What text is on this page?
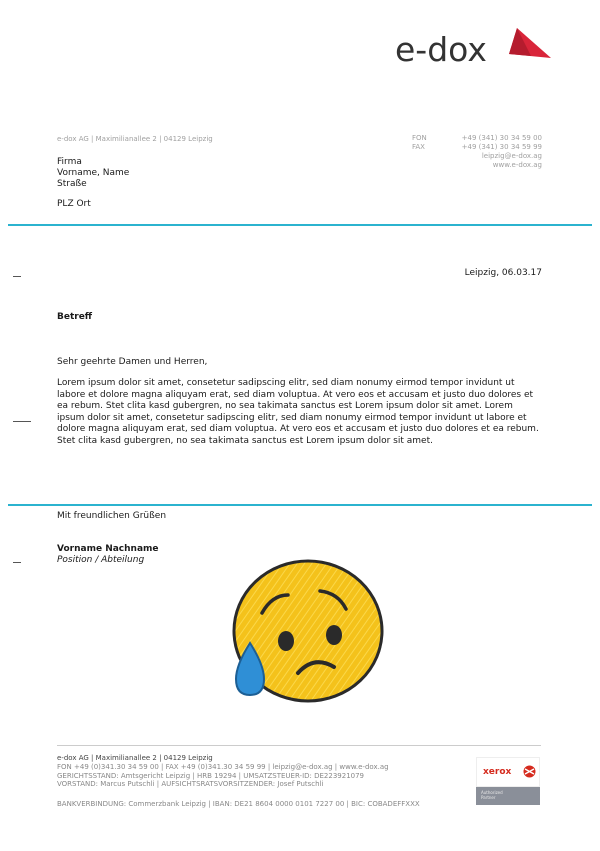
e-dox
e-dox AG | Maximilianallee 2 | 04129 Leipzig	FON	+49 (341) 30 34 59 00
FAX	+49 (341) 30 34 59 99
leipzig@e-dox.ag
www.e-dox.ag
Firma
Vorname, Name
Straße
PLZ Ort
Leipzig, 06.03.17
Betreff
Sehr geehrte Damen und Herren,
Lorem ipsum dolor sit amet, consetetur sadipscing elitr, sed diam nonumy eirmod tempor invidunt ut labore et dolore magna aliquyam erat, sed diam voluptua. At vero eos et accusam et justo duo dolores et ea rebum. Stet clita kasd gubergren, no sea takimata sanctus est Lorem ipsum dolor sit amet. Lorem ipsum dolor sit amet, consetetur sadipscing elitr, sed diam nonumy eirmod tempor invidunt ut labore et dolore magna aliquyam erat, sed diam voluptua. At vero eos et accusam et justo duo dolores et ea rebum. Stet clita kasd gubergren, no sea takimata sanctus est Lorem ipsum dolor sit amet.
Mit freundlichen Grüßen
Vorname Nachname
Position / Abteilung
e-dox AG | Maximilianallee 2 | 04129 Leipzig
FON +49 (0)341.30 34 59 00 | FAX +49 (0)341.30 34 59 99 | leipzig@e-dox.ag | www.e-dox.ag
GERICHTSSTAND: Amtsgericht Leipzig | HRB 19294 | UMSATZSTEUER-ID: DE223921079
VORSTAND: Marcus Putschli | AUFSICHTSRATSVORSITZENDER: Josef Putschli
BANKVERBINDUNG: Commerzbank Leipzig | IBAN: DE21 8604 0000 0101 7227 00 | BIC: COBADEFFXXX
xerox
Authorized
Partner
